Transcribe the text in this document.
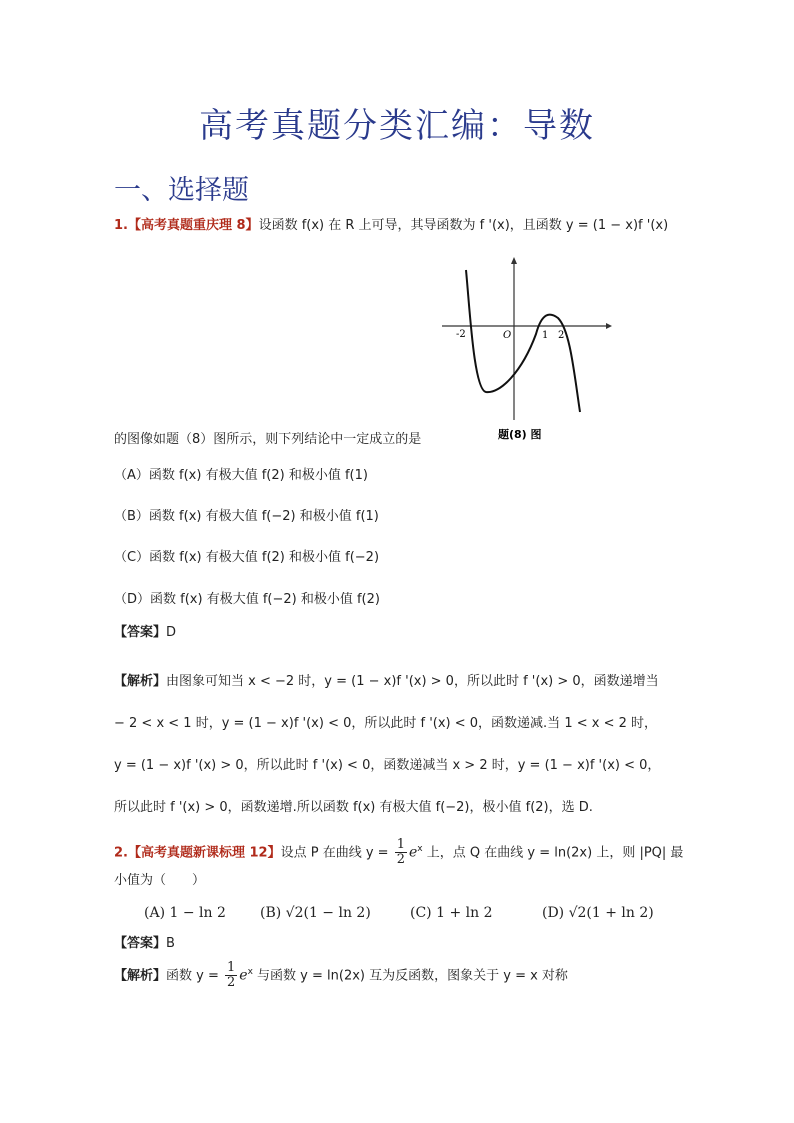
高考真题分类汇编：导数
一、选择题
1.【高考真题重庆理 8】设函数 f(x) 在 R 上可导，其导函数为 f '(x)，且函数 y = (1 − x)f '(x)
-2	O	1 2
题(8) 图
的图像如题（8）图所示，则下列结论中一定成立的是
（A）函数 f(x) 有极大值 f(2) 和极小值 f(1)
（B）函数 f(x) 有极大值 f(−2) 和极小值 f(1)
（C）函数 f(x) 有极大值 f(2) 和极小值 f(−2)
（D）函数 f(x) 有极大值 f(−2) 和极小值 f(2)
【答案】D
【解析】由图象可知当 x < −2 时，y = (1 − x)f '(x) > 0，所以此时 f '(x) > 0，函数递增当
− 2 < x < 1 时，y = (1 − x)f '(x) < 0，所以此时 f '(x) < 0，函数递减.当 1 < x < 2 时，
y = (1 − x)f '(x) > 0，所以此时 f '(x) < 0，函数递减当 x > 2 时，y = (1 − x)f '(x) < 0，
所以此时 f '(x) > 0，函数递增.所以函数 f(x) 有极大值 f(−2)，极小值 f(2)，选 D.
2.【高考真题新课标理 12】设点 P 在曲线 $y = \frac{1}{2} e^x$ 上，点 Q 在曲线 y = ln(2x) 上，则 |PQ| 最
小值为（　　）
(A) 1 − ln 2 (B) √2(1 − ln 2)	(C) 1 + ln 2	(D) √2(1 + ln 2)
【答案】B
【解析】函数 $y = \frac{1}{2} e^x$ 与函数 y = ln(2x) 互为反函数，图象关于 y = x 对称
